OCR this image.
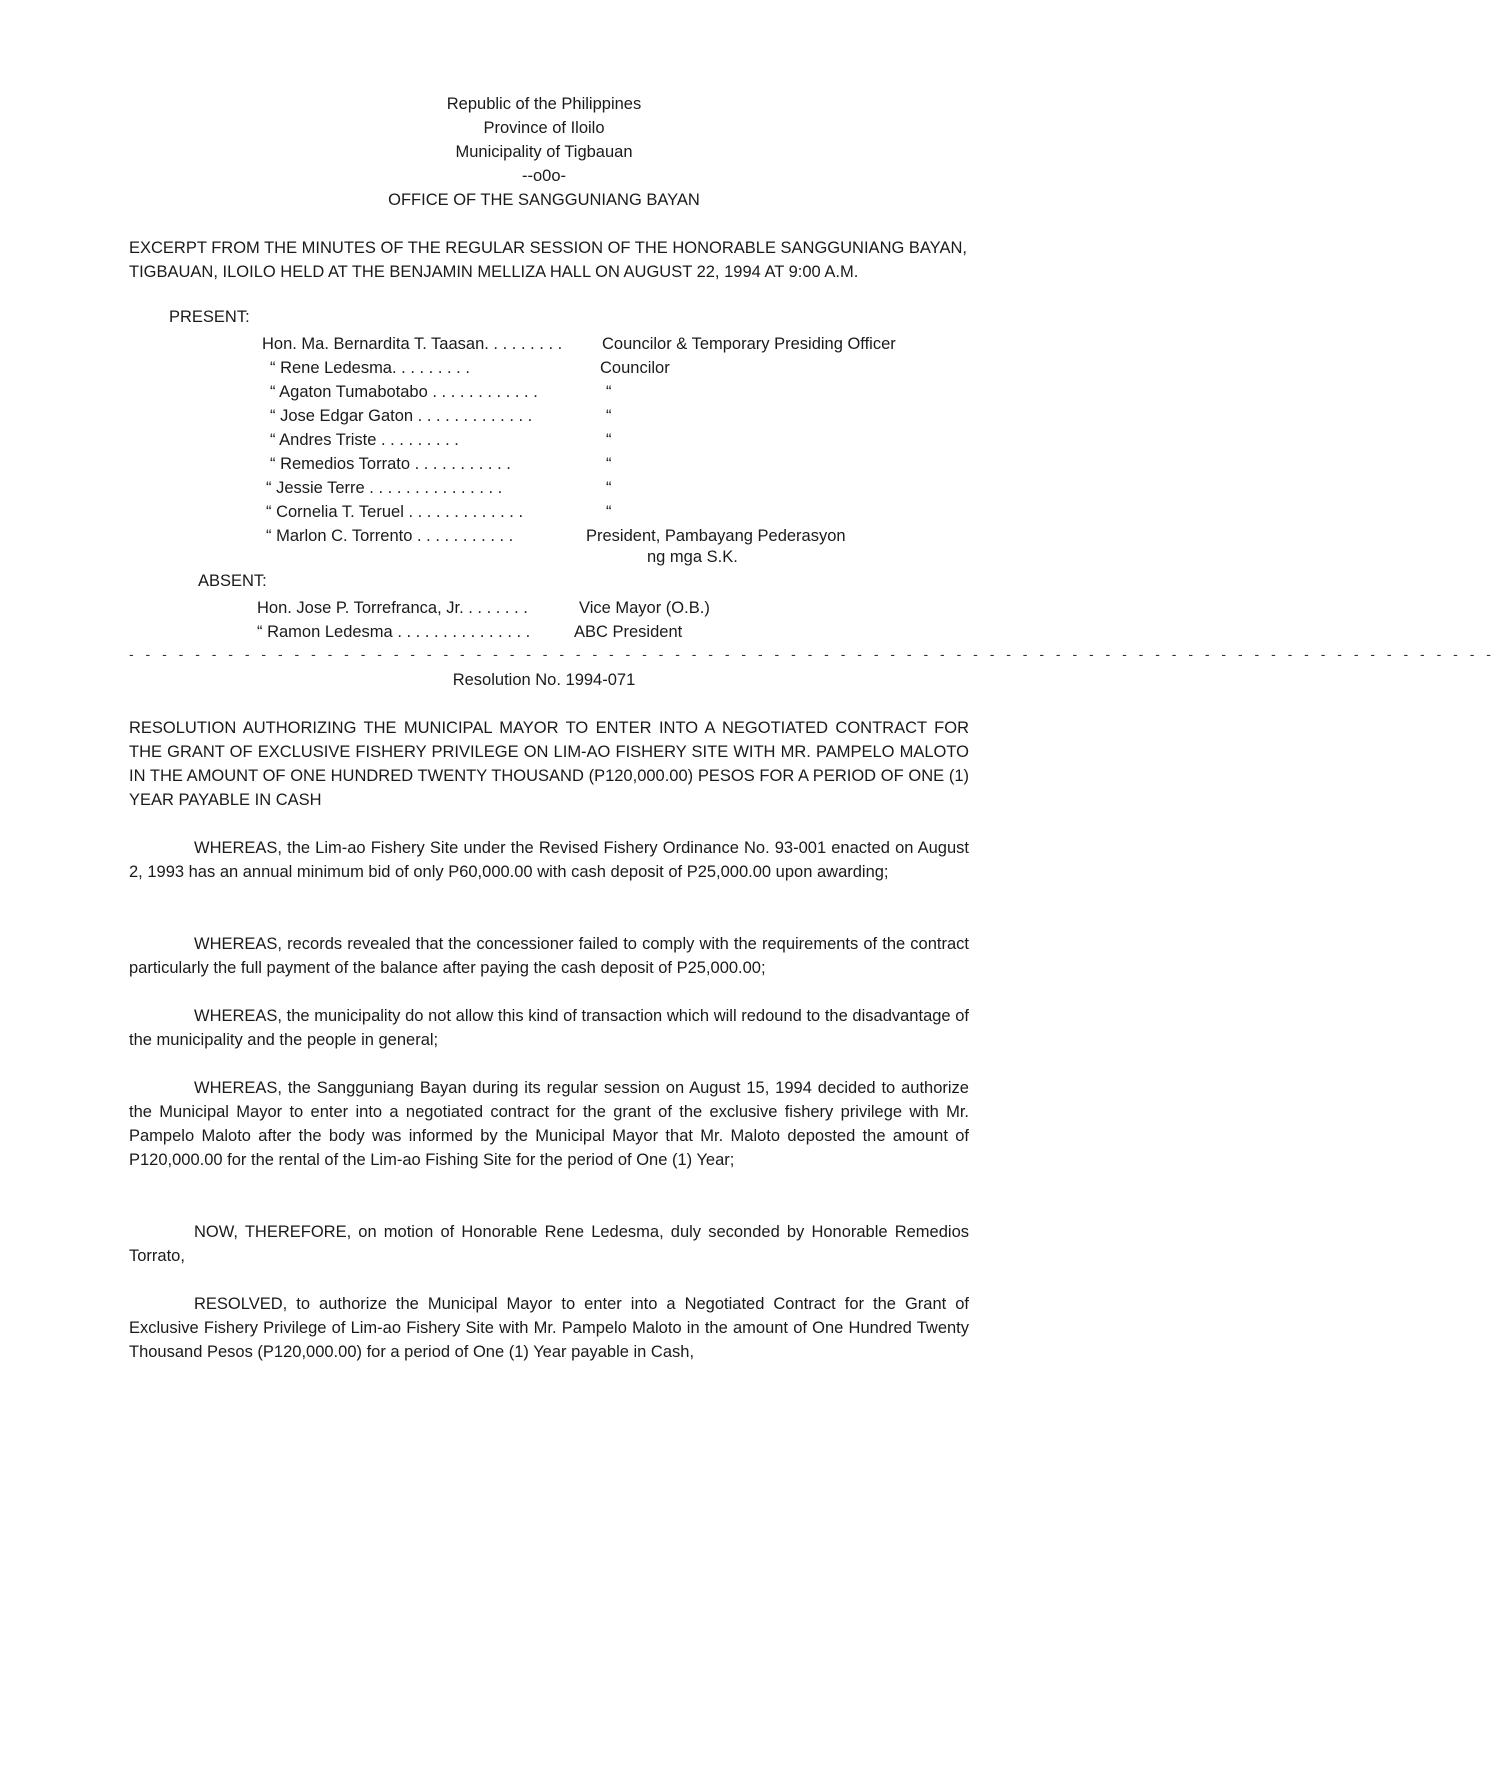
Republic of the Philippines
Province of Iloilo
Municipality of Tigbauan
--o0o-
OFFICE OF THE SANGGUNIANG BAYAN
EXCERPT FROM THE MINUTES OF THE REGULAR SESSION OF THE HONORABLE SANGGUNIANG BAYAN, TIGBAUAN, ILOILO HELD AT THE BENJAMIN MELLIZA HALL ON AUGUST 22, 1994 AT 9:00 A.M.
PRESENT:
Hon. Ma. Bernardita T. Taasan. . . . . . . . . Councilor & Temporary Presiding Officer
“ Rene Ledesma. . . . . . . . .	Councilor
“ Agaton Tumabotabo . . . . . . . . . . . .	“
“ Jose Edgar Gaton . . . . . . . . . . . . .	“
“ Andres Triste . . . . . . . . .	“
“ Remedios Torrato . . . . . . . . . . .	“
“ Jessie Terre . . . . . . . . . . . . . . .	“
“ Cornelia T. Teruel . . . . . . . . . . . . .	“
“ Marlon C. Torrento . . . . . . . . . . .	President, Pambayang Pederasyon
ng mga S.K.
ABSENT:
Hon. Jose P. Torrefranca, Jr. . . . . . . .	Vice Mayor (O.B.)
“ Ramon Ledesma . . . . . . . . . . . . . . .	ABC President
- - - - - - - - - - - - - - - - - - - - - - - - - - - - - - - - - - - - - - - - - - - - - - - - - - - - - - - - - - - - - - - - - - - - - - - - - - - - - - - - - - -
Resolution No. 1994-071
RESOLUTION AUTHORIZING THE MUNICIPAL MAYOR TO ENTER INTO A NEGOTIATED CONTRACT FOR THE GRANT OF EXCLUSIVE FISHERY PRIVILEGE ON LIM-AO FISHERY SITE WITH MR. PAMPELO MALOTO IN THE AMOUNT OF ONE HUNDRED TWENTY THOUSAND (P120,000.00) PESOS FOR A PERIOD OF ONE (1) YEAR PAYABLE IN CASH
WHEREAS, the Lim-ao Fishery Site under the Revised Fishery Ordinance No. 93-001 enacted on August 2, 1993 has an annual minimum bid of only P60,000.00 with cash deposit of P25,000.00 upon awarding;
WHEREAS, records revealed that the concessioner failed to comply with the requirements of the contract particularly the full payment of the balance after paying the cash deposit of P25,000.00;
WHEREAS, the municipality do not allow this kind of transaction which will redound to the disadvantage of the municipality and the people in general;
WHEREAS, the Sangguniang Bayan during its regular session on August 15, 1994 decided to authorize the Municipal Mayor to enter into a negotiated contract for the grant of the exclusive fishery privilege with Mr. Pampelo Maloto after the body was informed by the Municipal Mayor that Mr. Maloto deposted the amount of P120,000.00 for the rental of the Lim-ao Fishing Site for the period of One (1) Year;
NOW, THEREFORE, on motion of Honorable Rene Ledesma, duly seconded by Honorable Remedios Torrato,
RESOLVED, to authorize the Municipal Mayor to enter into a Negotiated Contract for the Grant of Exclusive Fishery Privilege of Lim-ao Fishery Site with Mr. Pampelo Maloto in the amount of One Hundred Twenty Thousand Pesos (P120,000.00) for a period of One (1) Year payable in Cash,
